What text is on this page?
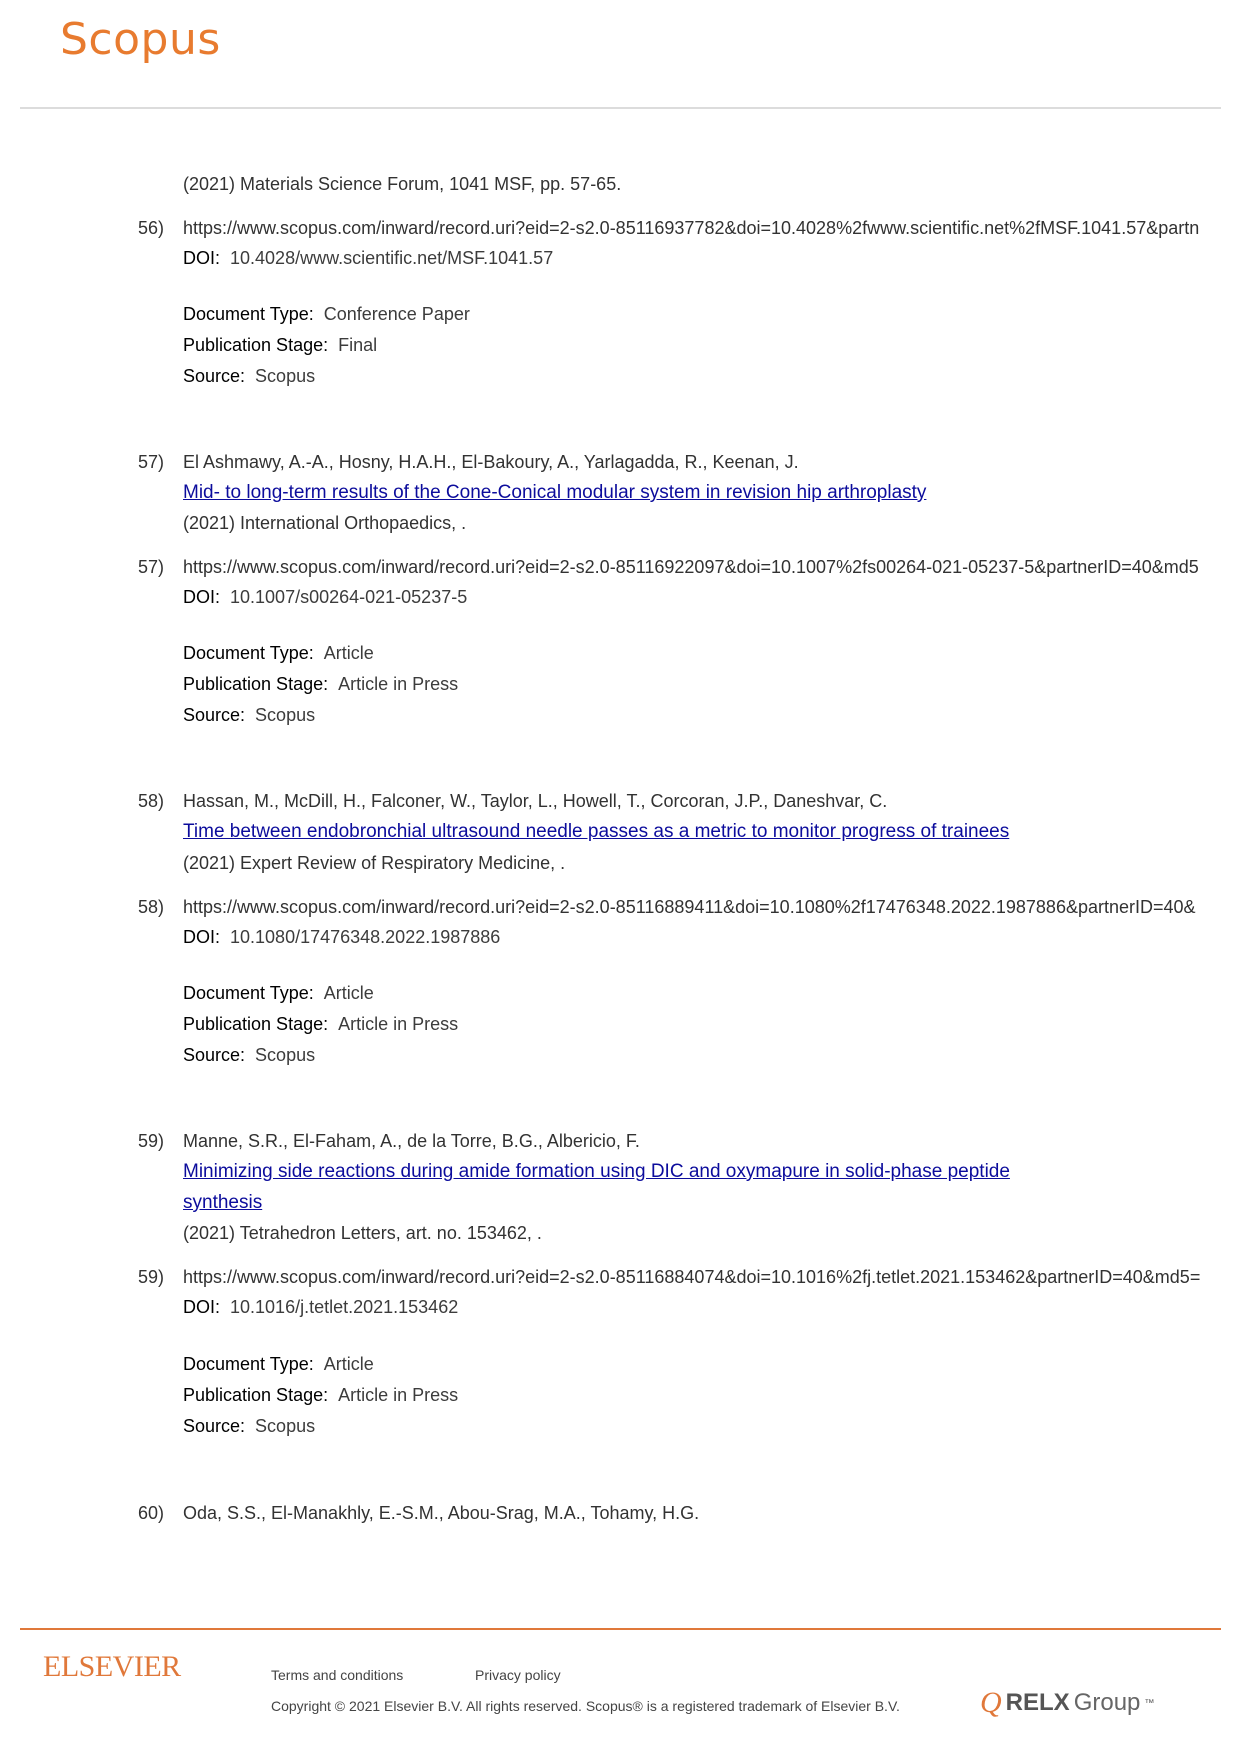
Scopus
(2021) Materials Science Forum, 1041 MSF, pp. 57-65.
56) https://www.scopus.com/inward/record.uri?eid=2-s2.0-85116937782&doi=10.4028%2fwww.scientific.net%2fMSF.1041.57&partn
DOI: 10.4028/www.scientific.net/MSF.1041.57
Document Type: Conference Paper
Publication Stage: Final
Source: Scopus
57) El Ashmawy, A.-A., Hosny, H.A.H., El-Bakoury, A., Yarlagadda, R., Keenan, J.
Mid- to long-term results of the Cone-Conical modular system in revision hip arthroplasty
(2021) International Orthopaedics, .
57) https://www.scopus.com/inward/record.uri?eid=2-s2.0-85116922097&doi=10.1007%2fs00264-021-05237-5&partnerID=40&md5
DOI: 10.1007/s00264-021-05237-5
Document Type: Article
Publication Stage: Article in Press
Source: Scopus
58) Hassan, M., McDill, H., Falconer, W., Taylor, L., Howell, T., Corcoran, J.P., Daneshvar, C.
Time between endobronchial ultrasound needle passes as a metric to monitor progress of trainees
(2021) Expert Review of Respiratory Medicine, .
58) https://www.scopus.com/inward/record.uri?eid=2-s2.0-85116889411&doi=10.1080%2f17476348.2022.1987886&partnerID=40&
DOI: 10.1080/17476348.2022.1987886
Document Type: Article
Publication Stage: Article in Press
Source: Scopus
59) Manne, S.R., El-Faham, A., de la Torre, B.G., Albericio, F.
Minimizing side reactions during amide formation using DIC and oxymapure in solid-phase peptide
synthesis
(2021) Tetrahedron Letters, art. no. 153462, .
59) https://www.scopus.com/inward/record.uri?eid=2-s2.0-85116884074&doi=10.1016%2fj.tetlet.2021.153462&partnerID=40&md5=
DOI: 10.1016/j.tetlet.2021.153462
Document Type: Article
Publication Stage: Article in Press
Source: Scopus
60) Oda, S.S., El-Manakhly, E.-S.M., Abou-Srag, M.A., Tohamy, H.G.
ELSEVIER	Terms and conditions	Privacy policy
Copyright © 2021 Elsevier B.V. All rights reserved. Scopus® is a registered trademark of Elsevier B.V.	Q RELX Group ™
